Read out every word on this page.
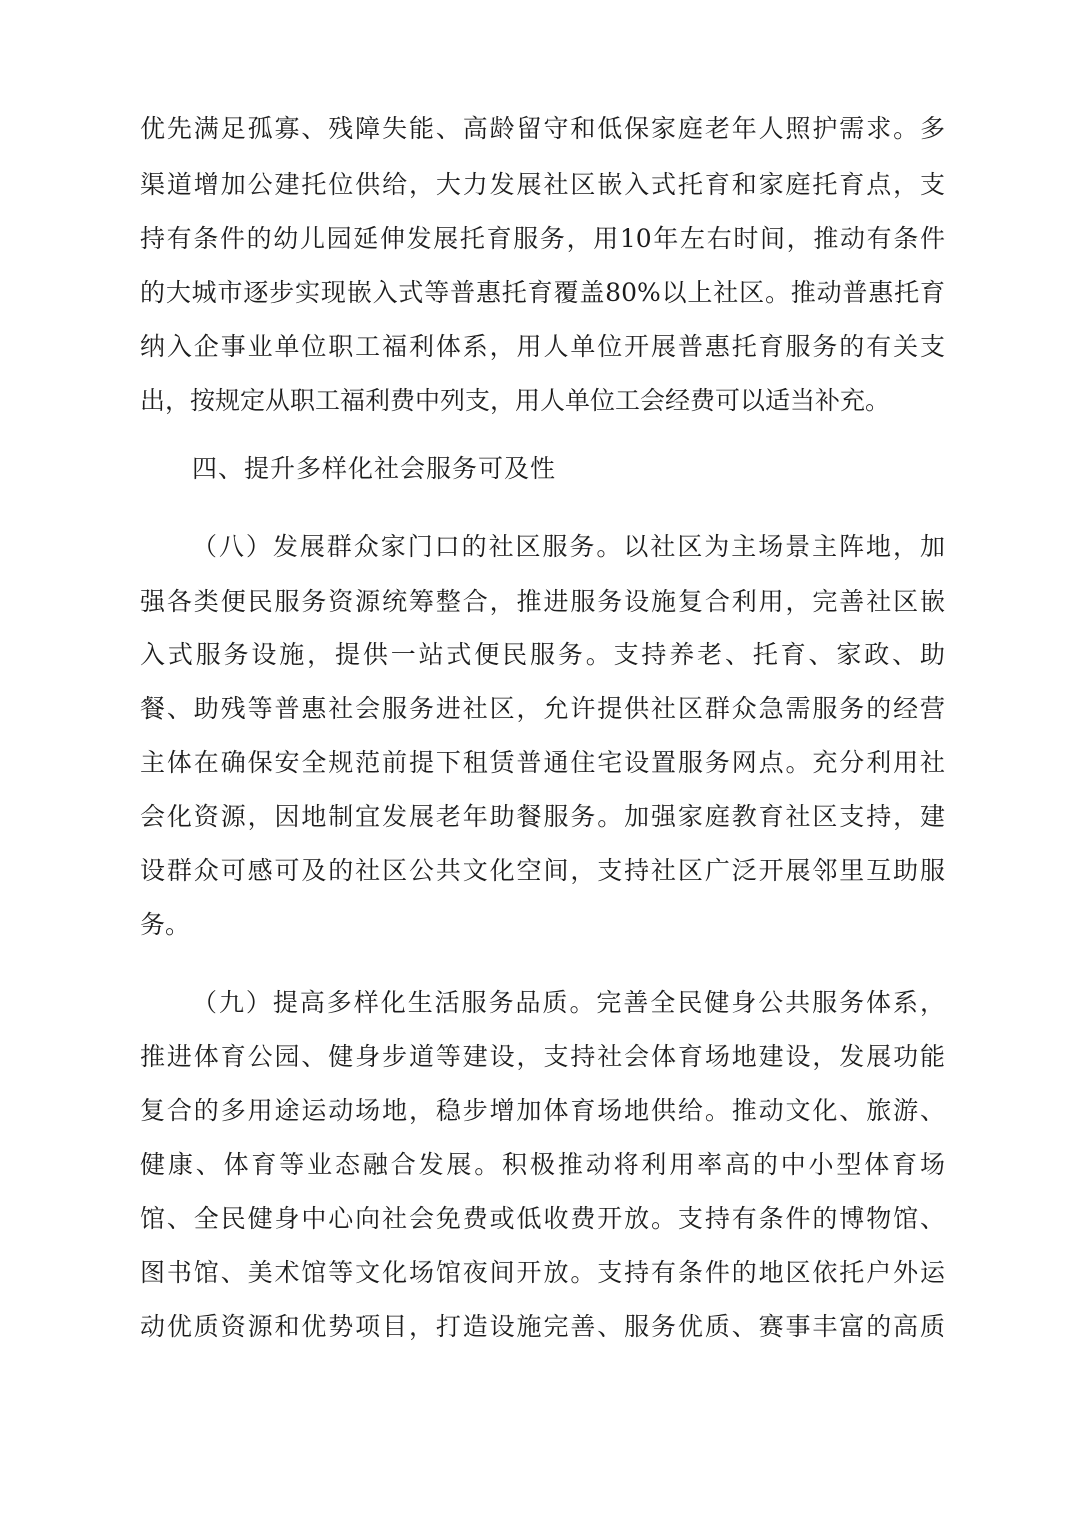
优先满足孤寡、残障失能、高龄留守和低保家庭老年人照护需求。多
渠道增加公建托位供给，大力发展社区嵌入式托育和家庭托育点，支
持有条件的幼儿园延伸发展托育服务，用10年左右时间，推动有条件
的大城市逐步实现嵌入式等普惠托育覆盖80%以上社区。推动普惠托育
纳入企事业单位职工福利体系，用人单位开展普惠托育服务的有关支
出，按规定从职工福利费中列支，用人单位工会经费可以适当补充。
四、提升多样化社会服务可及性
（八）发展群众家门口的社区服务。以社区为主场景主阵地，加
强各类便民服务资源统筹整合，推进服务设施复合利用，完善社区嵌
入式服务设施，提供一站式便民服务。支持养老、托育、家政、助
餐、助残等普惠社会服务进社区，允许提供社区群众急需服务的经营
主体在确保安全规范前提下租赁普通住宅设置服务网点。充分利用社
会化资源，因地制宜发展老年助餐服务。加强家庭教育社区支持，建
设群众可感可及的社区公共文化空间，支持社区广泛开展邻里互助服
务。
（九）提高多样化生活服务品质。完善全民健身公共服务体系，
推进体育公园、健身步道等建设，支持社会体育场地建设，发展功能
复合的多用途运动场地，稳步增加体育场地供给。推动文化、旅游、
健康、体育等业态融合发展。积极推动将利用率高的中小型体育场
馆、全民健身中心向社会免费或低收费开放。支持有条件的博物馆、
图书馆、美术馆等文化场馆夜间开放。支持有条件的地区依托户外运
动优质资源和优势项目，打造设施完善、服务优质、赛事丰富的高质
